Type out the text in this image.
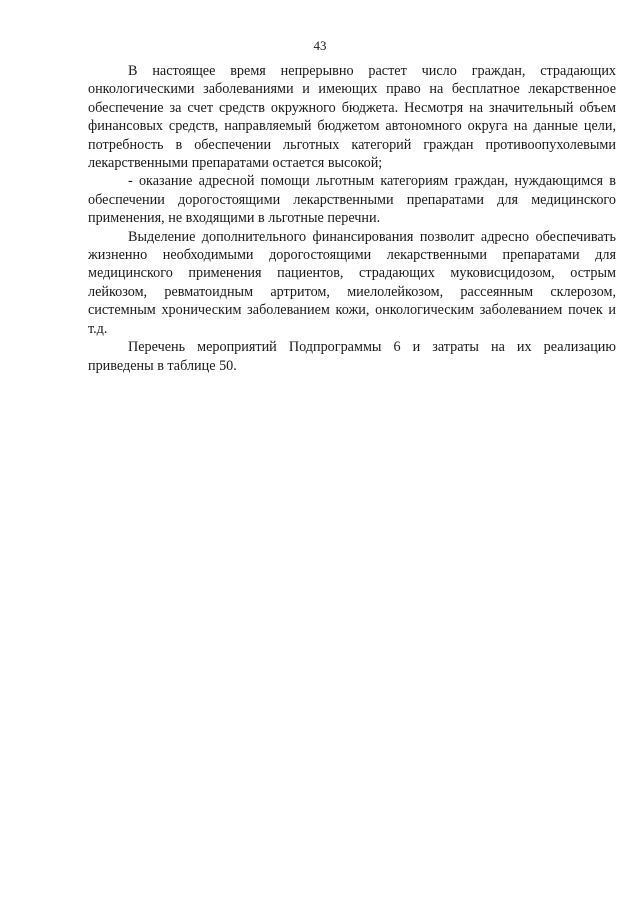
43

В настоящее время непрерывно растет число граждан, страдающих онкологическими заболеваниями и имеющих право на бесплатное лекарственное обеспечение за счет средств окружного бюджета. Несмотря на значительный объем финансовых средств, направляемый бюджетом автономного округа на данные цели, потребность в обеспечении льготных категорий граждан противоопухолевыми лекарственными препаратами остается высокой;

- оказание адресной помощи льготным категориям граждан, нуждающимся в обеспечении дорогостоящими лекарственными препаратами для медицинского применения, не входящими в льготные перечни.

Выделение дополнительного финансирования позволит адресно обеспечивать жизненно необходимыми дорогостоящими лекарственными препаратами для медицинского применения пациентов, страдающих муковисцидозом, острым лейкозом, ревматоидным артритом, миелолейкозом, рассеянным склерозом, системным хроническим заболеванием кожи, онкологическим заболеванием почек и т.д.

Перечень мероприятий Подпрограммы 6 и затраты на их реализацию приведены в таблице 50.
